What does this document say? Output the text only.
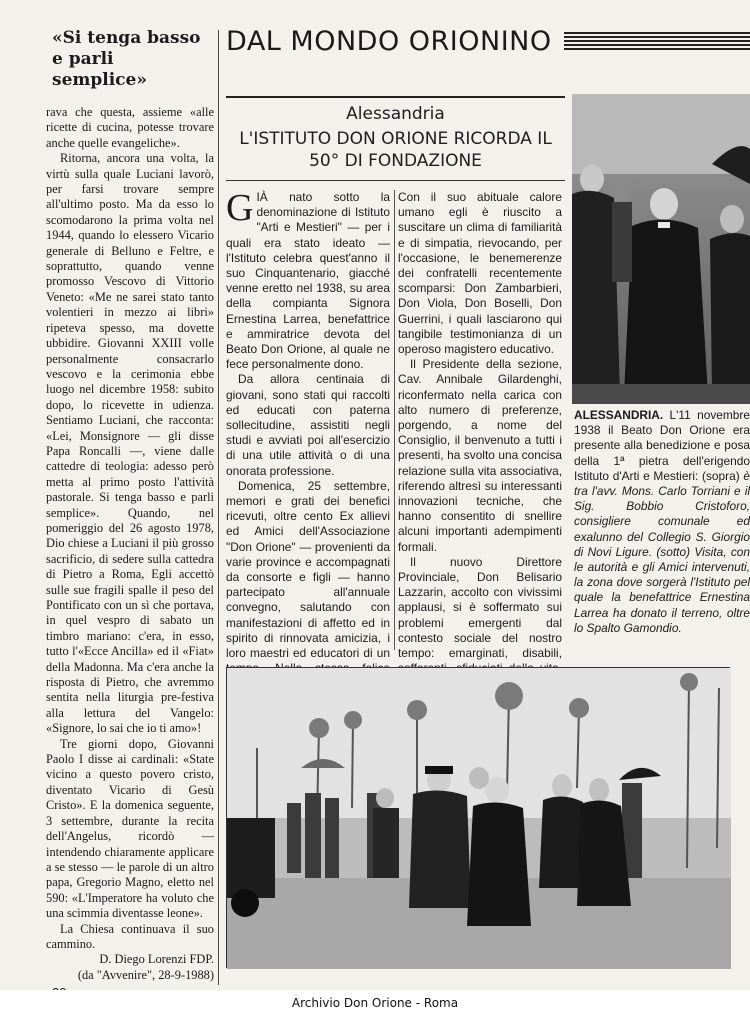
«Si tenga basso e parli semplice»

rava che questa, assieme «alle ricette di cucina, potesse trovare anche quelle evangeliche».

Ritorna, ancora una volta, la virtù sulla quale Luciani lavorò, per farsi trovare sempre all'ultimo posto. Ma da esso lo scomodarono la prima volta nel 1944, quando lo elessero Vicario generale di Belluno e Feltre, e soprattutto, quando venne promosso Vescovo di Vittorio Veneto: «Me ne sarei stato tanto volentieri in mezzo ai libri» ripeteva spesso, ma dovette ubbidire. Giovanni XXIII volle personalmente consacrarlo vescovo e la cerimonia ebbe luogo nel dicembre 1958: subito dopo, lo ricevette in udienza. Sentiamo Luciani, che racconta: «Lei, Monsignore — gli disse Papa Roncalli —, viene dalle cattedre di teologia: adesso però metta al primo posto l'attività pastorale. Si tenga basso e parli semplice». Quando, nel pomeriggio del 26 agosto 1978, Dio chiese a Luciani il più grosso sacrificio, di sedere sulla cattedra di Pietro a Roma, Egli accettò sulle sue fragili spalle il peso del Pontificato con un sì che portava, in quel vespro di sabato un timbro mariano: c'era, in esso, tutto l'«Ecce Ancilla» ed il «Fiat» della Madonna. Ma c'era anche la risposta di Pietro, che avremmo sentita nella liturgia pre-festiva alla lettura del Vangelo: «Signore, lo sai che io ti amo»!

Tre giorni dopo, Giovanni Paolo I disse ai cardinali: «State vicino a questo povero cristo, diventato Vicario di Gesù Cristo». E la domenica seguente, 3 settembre, durante la recita dell'Angelus, ricordò — intendendo chiaramente applicare a se stesso — le parole di un altro papa, Gregorio Magno, eletto nel 590: «L'Imperatore ha voluto che una scimmia diventasse leone».

La Chiesa continuava il suo cammino.

D. Diego Lorenzi FDP.
(da "Avvenire", 28-9-1988)
DAL MONDO ORIONINO
Alessandria
L'ISTITUTO DON ORIONE RICORDA IL 50° DI FONDAZIONE

GIÀ nato sotto la denominazione di Istituto "Arti e Mestieri" — per i quali era stato ideato — l'Istituto celebra quest'anno il suo Cinquantenario, giacché venne eretto nel 1938, su area della compianta Signora Ernestina Larrea, benefattrice e ammiratrice devota del Beato Don Orione, al quale ne fece personalmente dono.

Da allora centinaia di giovani, sono stati qui raccolti ed educati con paterna sollecitudine, assistiti negli studi e avviati poi all'esercizio di una utile attività o di una onorata professione.

Domenica, 25 settembre, memori e grati dei benefici ricevuti, oltre cento Ex allievi ed Amici dell'Associazione "Don Orione" — provenienti da varie province e accompagnati da consorte e figli — hanno partecipato all'annuale convegno, salutando con manifestazioni di affetto ed in spirito di rinnovata amicizia, i loro maestri ed educatori di un

Con il suo abituale calore umano egli è riuscito a suscitare un clima di familiarità e di simpatia, rievocando, per l'occasione, le benemerenze dei confratelli recentemente scomparsi: Don Zambarbieri, Don Viola, Don Boselli, Don Guerrini, i quali lasciarono qui tangibile testimonianza di un operoso magistero educativo.

Il Presidente della sezione, Cav. Annibale Gilardenghi, riconfermato nella carica con alto numero di preferenze, porgendo, a nome del Consiglio, il benvenuto a tutti i presenti, ha svolto una concisa relazione sulla vita associativa, riferendo altresì su interessanti innovazioni tecniche, che hanno consentito di snellire alcuni importanti adempimenti formali.

Il nuovo Direttore Provinciale, Don Belisario Lazzarin, accolto con vivissimi applausi, si è soffermato sui problemi emergenti dal contesto sociale del nostro tempo: emarginati, disabili,

ALESSANDRIA. L'11 novembre 1938 il Beato Don Orione era presente alla benedizione e posa della 1ª pietra dell'erigendo Istituto d'Arti e Mestieri: (sopra) è tra l'avv. Mons. Carlo Torriani e il Sig. Bobbio Cristoforo, consigliere comunale ed exalunno del Collegio S. Giorgio di Novi Ligure. (sotto) Visita, con le autorità e gli Amici intervenuti, la zona dove sorgerà l'Istituto pel quale la benefattrice Ernestina Larrea ha donato il terreno, oltre lo Spalto Gamondio.
Archivio Don Orione - Roma
